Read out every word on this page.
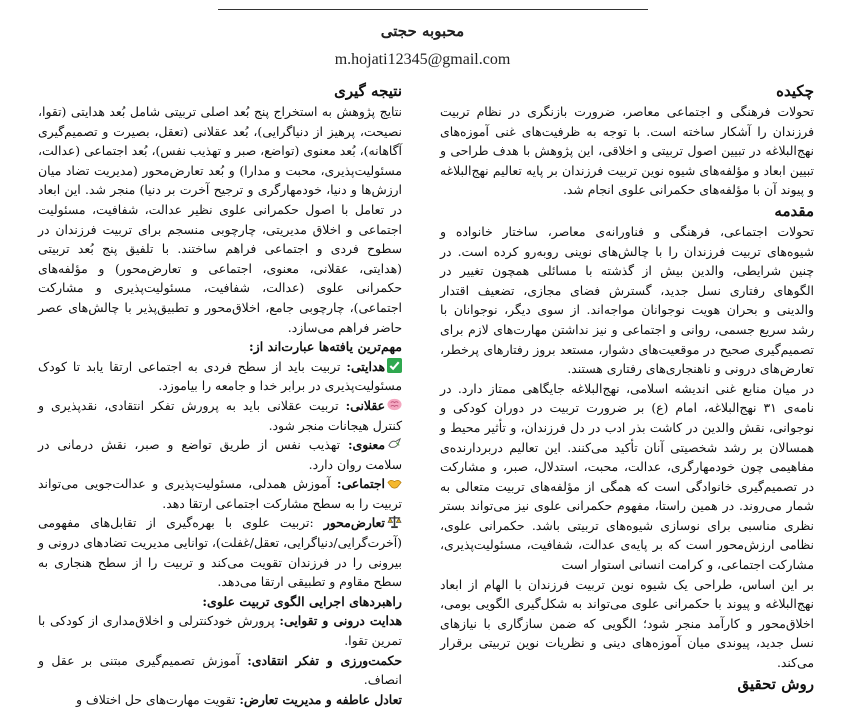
محبوبه حجتی
m.hojati12345@gmail.com
چکیده

تحولات فرهنگی و اجتماعی معاصر، ضرورت بازنگری در نظام تربیت فرزندان را آشکار ساخته است. با توجه به ظرفیت‌های غنی آموزه‌های نهج‌البلاغه در تبیین اصول تربیتی و اخلاقی، این پژوهش با هدف طراحی و تبیین ابعاد و مؤلفه‌های شیوه نوین تربیت فرزندان بر پایه تعالیم نهج‌البلاغه و پیوند آن با مؤلفه‌های حکمرانی علوی انجام شد.

مقدمه

تحولات اجتماعی، فرهنگی و فناورانه‌ی معاصر، ساختار خانواده و شیوه‌های تربیت فرزندان را با چالش‌های نوینی روبه‌رو کرده است. در چنین شرایطی، والدین بیش از گذشته با مسائلی همچون تغییر در الگوهای رفتاری نسل جدید، گسترش فضای مجازی، تضعیف اقتدار والدینی و بحران هویت نوجوانان مواجه‌اند. از سوی دیگر، نوجوانان با رشد سریع جسمی، روانی و اجتماعی و نیز نداشتن مهارت‌های لازم برای تصمیم‌گیری صحیح در موقعیت‌های دشوار، مستعد بروز رفتارهای پرخطر، تعارض‌های درونی و ناهنجاری‌های رفتاری هستند.

در میان منابع غنی اندیشه اسلامی، نهج‌البلاغه جایگاهی ممتاز دارد. در نامه‌ی ۳۱ نهج‌البلاغه، امام (ع) بر ضرورت تربیت در دوران کودکی و نوجوانی، نقش والدین در کاشت بذر ادب در دل فرزندان، و تأثیر محیط و همسالان بر رشد شخصیتی آنان تأکید می‌کنند. این تعالیم دربردارنده‌ی مفاهیمی چون خودمهارگری، عدالت، محبت، استدلال، صبر، و مشارکت در تصمیم‌گیری خانوادگی است که همگی از مؤلفه‌های تربیت متعالی به شمار می‌روند. در همین راستا، مفهوم حکمرانی علوی نیز می‌تواند بستر نظری مناسبی برای نوسازی شیوه‌های تربیتی باشد. حکمرانی علوی، نظامی ارزش‌محور است که بر پایه‌ی عدالت، شفافیت، مسئولیت‌پذیری، مشارکت اجتماعی، و کرامت انسانی استوار است

بر این اساس، طراحی یک شیوه نوین تربیت فرزندان با الهام از ابعاد نهج‌البلاغه و پیوند با حکمرانی علوی می‌تواند به شکل‌گیری الگویی بومی، اخلاق‌محور و کارآمد منجر شود؛ الگویی که ضمن سازگاری با نیازهای نسل جدید، پیوندی میان آموزه‌های دینی و نظریات نوین تربیتی برقرار می‌کند.

روش تحقیق
نتیجه گیری

نتایج پژوهش به استخراج پنج بُعد اصلی تربیتی شامل بُعد هدایتی (تقوا، نصیحت، پرهیز از دنیاگرایی)، بُعد عقلانی (تعقل، بصیرت و تصمیم‌گیری آگاهانه)، بُعد معنوی (تواضع، صبر و تهذیب نفس)، بُعد اجتماعی (عدالت، مسئولیت‌پذیری، محبت و مدارا) و بُعد تعارض‌محور (مدیریت تضاد میان ارزش‌ها و دنیا، خودمهارگری و ترجیح آخرت بر دنیا) منجر شد. این ابعاد در تعامل با اصول حکمرانی علوی نظیر عدالت، شفافیت، مسئولیت اجتماعی و اخلاق مدیریتی، چارچوبی منسجم برای تربیت فرزندان در سطوح فردی و اجتماعی فراهم ساختند. با تلفیق پنج بُعد تربیتی (هدایتی، عقلانی، معنوی، اجتماعی و تعارض‌محور) و مؤلفه‌های حکمرانی علوی (عدالت، شفافیت، مسئولیت‌پذیری و مشارکت اجتماعی)، چارچوبی جامع، اخلاق‌محور و تطبیق‌پذیر با چالش‌های عصر حاضر فراهم می‌سازد.

مهم‌ترین یافته‌ها عبارت‌اند از:

هدایتی: تربیت باید از سطح فردی به اجتماعی ارتقا یابد تا کودک مسئولیت‌پذیری در برابر خدا و جامعه را بیاموزد.

عقلانی: تربیت عقلانی باید به پرورش تفکر انتقادی، نقدپذیری و کنترل هیجانات منجر شود.

معنوی: تهذیب نفس از طریق تواضع و صبر، نقش درمانی در سلامت روان دارد.

اجتماعی: آموزش همدلی، مسئولیت‌پذیری و عدالت‌جویی می‌تواند تربیت را به سطح مشارکت اجتماعی ارتقا دهد.

تعارض‌محور :تربیت علوی با بهره‌گیری از تقابل‌های مفهومی (آخرت‌گرایی/دنیاگرایی، تعقل/غفلت)، توانایی مدیریت تضادهای درونی و بیرونی را در فرزندان تقویت می‌کند و تربیت را از سطح هنجاری به سطح مقاوم و تطبیقی ارتقا می‌دهد.

راهبردهای اجرایی الگوی تربیت علوی:

هدایت درونی و تقوایی: پرورش خودکنترلی و اخلاق‌مداری از کودکی با تمرین تقوا.

حکمت‌ورزی و تفکر انتقادی: آموزش تصمیم‌گیری مبتنی بر عقل و انصاف.

تعادل عاطفه و مدیریت تعارض: تقویت مهارت‌های حل اختلاف و
